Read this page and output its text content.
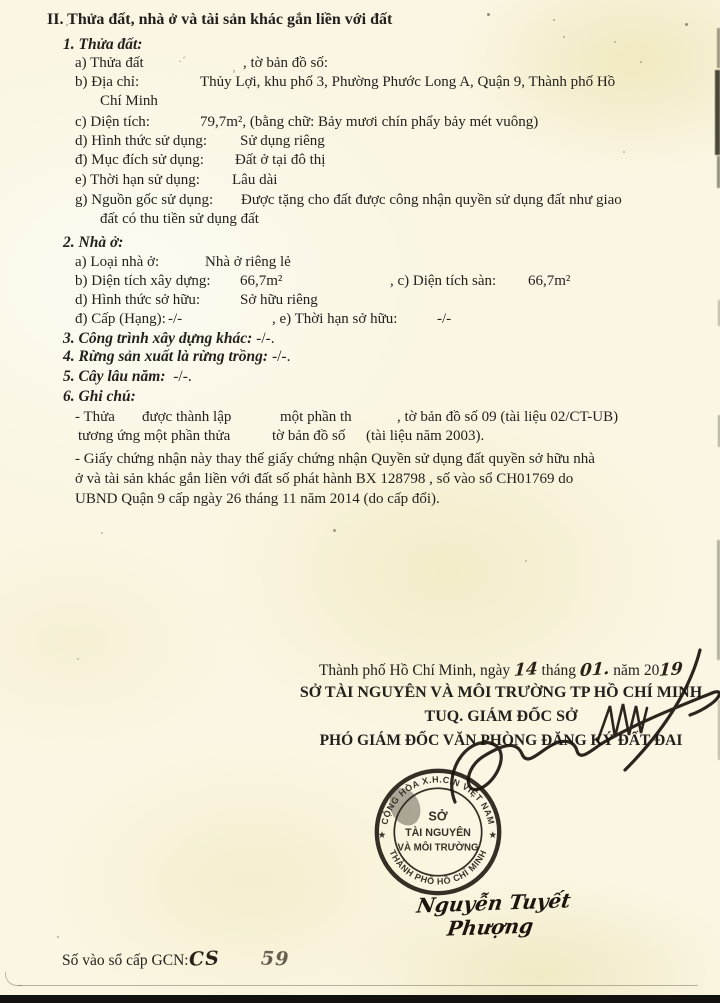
II. Thửa đất, nhà ở và tài sản khác gắn liền với đất
1. Thửa đất:
a) Thửa đất	, tờ bản đồ số:
·´	‚
b) Địa chỉ:	Thủy Lợi, khu phố 3, Phường Phước Long A, Quận 9, Thành phố Hồ
Chí Minh
c) Diện tích:	79,7m², (bằng chữ: Bảy mươi chín phẩy bảy mét vuông)
d) Hình thức sử dụng: Sử dụng riêng
đ) Mục đích sử dụng: Đất ở tại đô thị
e) Thời hạn sử dụng: Lâu dài
g) Nguồn gốc sử dụng: Được tặng cho đất được công nhận quyền sử dụng đất như giao
đất có thu tiền sử dụng đất
2. Nhà ở:
a) Loại nhà ở:	Nhà ở riêng lẻ
b) Diện tích xây dựng: 66,7m²	, c) Diện tích sàn: 66,7m²
d) Hình thức sở hữu:	Sở hữu riêng
đ) Cấp (Hạng): -/-	, e) Thời hạn sở hữu:	-/-
3. Công trình xây dựng khác: -/-.
4. Rừng sản xuất là rừng trồng: -/-.
5. Cây lâu năm: -/-.
6. Ghi chú:
- Thửa được thành lập	một phần th	, tờ bản đồ số 09 (tài liệu 02/CT-UB)
tương ứng một phần thửa	tờ bản đồ số (tài liệu năm 2003).
- Giấy chứng nhận này thay thế giấy chứng nhận Quyền sử dụng đất quyền sở hữu nhà
ở và tài sản khác gắn liền với đất số phát hành BX 128798 , số vào sổ CH01769 do
UBND Quận 9 cấp ngày 26 tháng 11 năm 2014 (do cấp đổi).
Thành phố Hồ Chí Minh, ngày 14 tháng 01. năm 2019
SỞ TÀI NGUYÊN VÀ MÔI TRƯỜNG TP HỒ CHÍ MINH
TUQ. GIÁM ĐỐC SỞ
PHÓ GIÁM ĐỐC VĂN PHÒNG ĐĂNG KÝ ĐẤT ĐAI
CỘNG HÒA X.H.C.N VIỆT NAM
THÀNH PHỐ HỒ CHÍ MINH
★	★
SỞ
TÀI NGUYÊN
VÀ MÔI TRƯỜNG
Nguyễn Tuyết Phượng
Số vào sổ cấp GCN:CS 59
